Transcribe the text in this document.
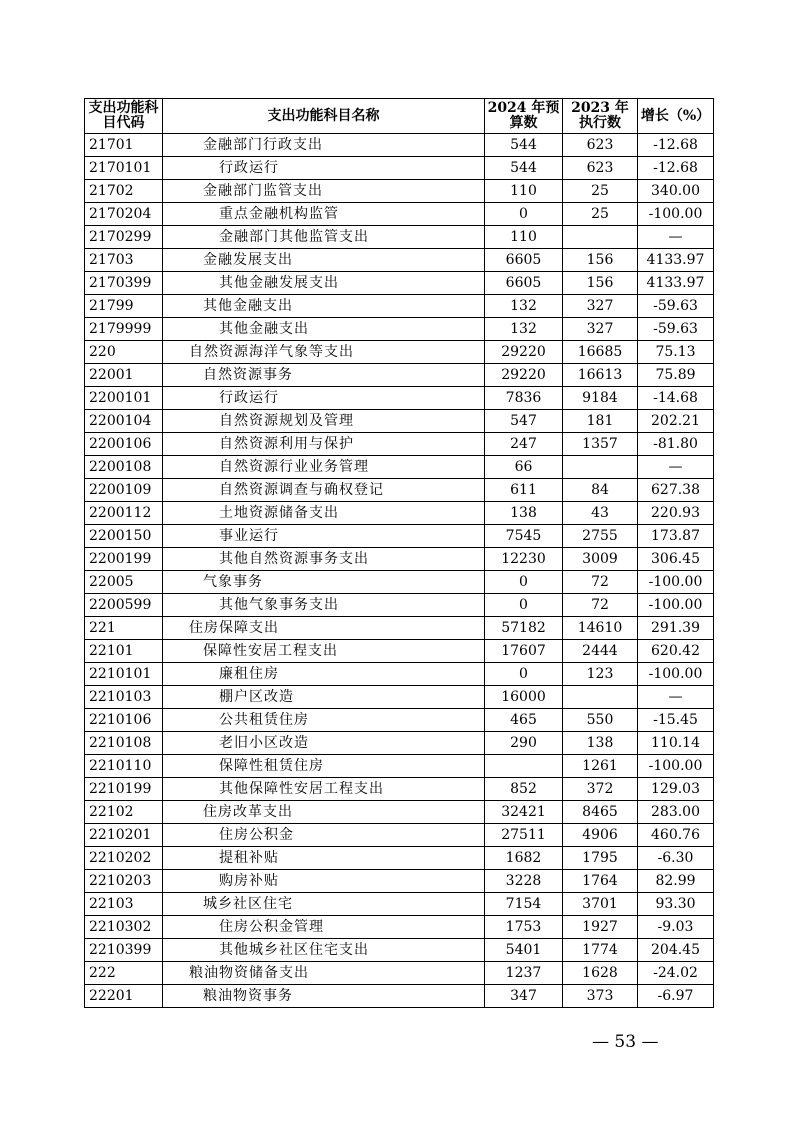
支出功能科目代码	支出功能科目名称	2024 年预算数	2023 年执行数	增长（%）
21701	金融部门行政支出	544	623	-12.68
2170101	行政运行	544	623	-12.68
21702	金融部门监管支出	110	25	340.00
2170204	重点金融机构监管	0	25	-100.00
2170299	金融部门其他监管支出	110		—
21703	金融发展支出	6605	156	4133.97
2170399	其他金融发展支出	6605	156	4133.97
21799	其他金融支出	132	327	-59.63
2179999	其他金融支出	132	327	-59.63
220	自然资源海洋气象等支出	29220	16685	75.13
22001	自然资源事务	29220	16613	75.89
2200101	行政运行	7836	9184	-14.68
2200104	自然资源规划及管理	547	181	202.21
2200106	自然资源利用与保护	247	1357	-81.80
2200108	自然资源行业业务管理	66		—
2200109	自然资源调查与确权登记	611	84	627.38
2200112	土地资源储备支出	138	43	220.93
2200150	事业运行	7545	2755	173.87
2200199	其他自然资源事务支出	12230	3009	306.45
22005	气象事务	0	72	-100.00
2200599	其他气象事务支出	0	72	-100.00
221	住房保障支出	57182	14610	291.39
22101	保障性安居工程支出	17607	2444	620.42
2210101	廉租住房	0	123	-100.00
2210103	棚户区改造	16000		—
2210106	公共租赁住房	465	550	-15.45
2210108	老旧小区改造	290	138	110.14
2210110	保障性租赁住房		1261	-100.00
2210199	其他保障性安居工程支出	852	372	129.03
22102	住房改革支出	32421	8465	283.00
2210201	住房公积金	27511	4906	460.76
2210202	提租补贴	1682	1795	-6.30
2210203	购房补贴	3228	1764	82.99
22103	城乡社区住宅	7154	3701	93.30
2210302	住房公积金管理	1753	1927	-9.03
2210399	其他城乡社区住宅支出	5401	1774	204.45
222	粮油物资储备支出	1237	1628	-24.02
22201	粮油物资事务	347	373	-6.97
— 53 —
